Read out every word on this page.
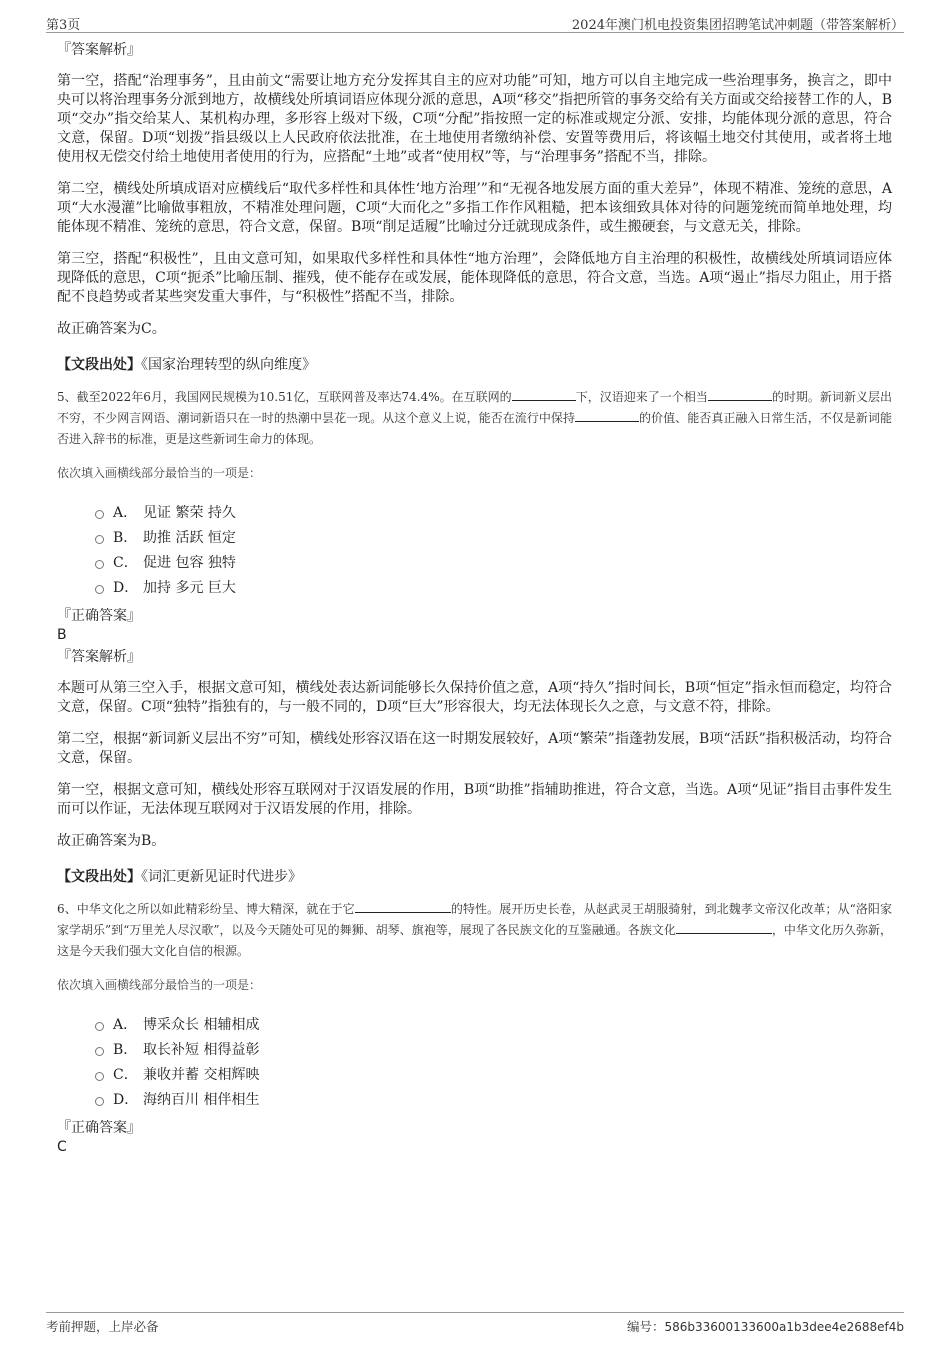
第3页	2024年澳门机电投资集团招聘笔试冲刺题（带答案解析）
『答案解析』
第一空，搭配“治理事务”，且由前文“需要让地方充分发挥其自主的应对功能”可知，地方可以自主地完成一些治理事务，换言之，即中央可以将治理事务分派到地方，故横线处所填词语应体现分派的意思，A项“移交”指把所管的事务交给有关方面或交给接替工作的人，B项“交办”指交给某人、某机构办理，多形容上级对下级，C项“分配”指按照一定的标准或规定分派、安排，均能体现分派的意思，符合文意，保留。D项“划拨”指县级以上人民政府依法批准，在土地使用者缴纳补偿、安置等费用后，将该幅土地交付其使用，或者将土地使用权无偿交付给土地使用者使用的行为，应搭配“土地”或者“使用权”等，与“治理事务”搭配不当，排除。
第二空，横线处所填成语对应横线后“取代多样性和具体性‘地方治理’”和“无视各地发展方面的重大差异”，体现不精准、笼统的意思，A项“大水漫灌”比喻做事粗放，不精准处理问题，C项“大而化之”多指工作作风粗糙，把本该细致具体对待的问题笼统而简单地处理，均能体现不精准、笼统的意思，符合文意，保留。B项“削足适履”比喻过分迁就现成条件，或生搬硬套，与文意无关，排除。
第三空，搭配“积极性”，且由文意可知，如果取代多样性和具体性“地方治理”，会降低地方自主治理的积极性，故横线处所填词语应体现降低的意思，C项“扼杀”比喻压制、摧残，使不能存在或发展，能体现降低的意思，符合文意，当选。A项“遏止”指尽力阻止，用于搭配不良趋势或者某些突发重大事件，与“积极性”搭配不当，排除。
故正确答案为C。
【文段出处】《国家治理转型的纵向维度》
5、截至2022年6月，我国网民规模为10.51亿，互联网普及率达74.4%。在互联网的	下，汉语迎来了一个相当	的时期。新词新义层出不穷，不少网言网语、潮词新语只在一时的热潮中昙花一现。从这个意义上说，能否在流行中保持	的价值、能否真正融入日常生活，不仅是新词能否进入辞书的标准，更是这些新词生命力的体现。
依次填入画横线部分最恰当的一项是：
A． 见证 繁荣 持久
B． 助推 活跃 恒定
C． 促进 包容 独特
D． 加持 多元 巨大
『正确答案』
B
『答案解析』
本题可从第三空入手，根据文意可知，横线处表达新词能够长久保持价值之意，A项“持久”指时间长，B项“恒定”指永恒而稳定，均符合文意，保留。C项“独特”指独有的，与一般不同的，D项“巨大”形容很大，均无法体现长久之意，与文意不符，排除。
第二空，根据“新词新义层出不穷”可知，横线处形容汉语在这一时期发展较好，A项“繁荣”指蓬勃发展，B项“活跃”指积极活动，均符合文意，保留。
第一空，根据文意可知，横线处形容互联网对于汉语发展的作用，B项“助推”指辅助推进，符合文意，当选。A项“见证”指目击事件发生而可以作证，无法体现互联网对于汉语发展的作用，排除。
故正确答案为B。
【文段出处】《词汇更新见证时代进步》
6、中华文化之所以如此精彩纷呈、博大精深，就在于它	的特性。展开历史长卷，从赵武灵王胡服骑射，到北魏孝文帝汉化改革；从“洛阳家家学胡乐”到“万里羌人尽汉歌”，以及今天随处可见的舞狮、胡琴、旗袍等，展现了各民族文化的互鉴融通。各族文化	，中华文化历久弥新，这是今天我们强大文化自信的根源。
依次填入画横线部分最恰当的一项是：
A． 博采众长 相辅相成
B． 取长补短 相得益彰
C． 兼收并蓄 交相辉映
D． 海纳百川 相伴相生
『正确答案』
C
考前押题，上岸必备	编号：586b33600133600a1b3dee4e2688ef4b
